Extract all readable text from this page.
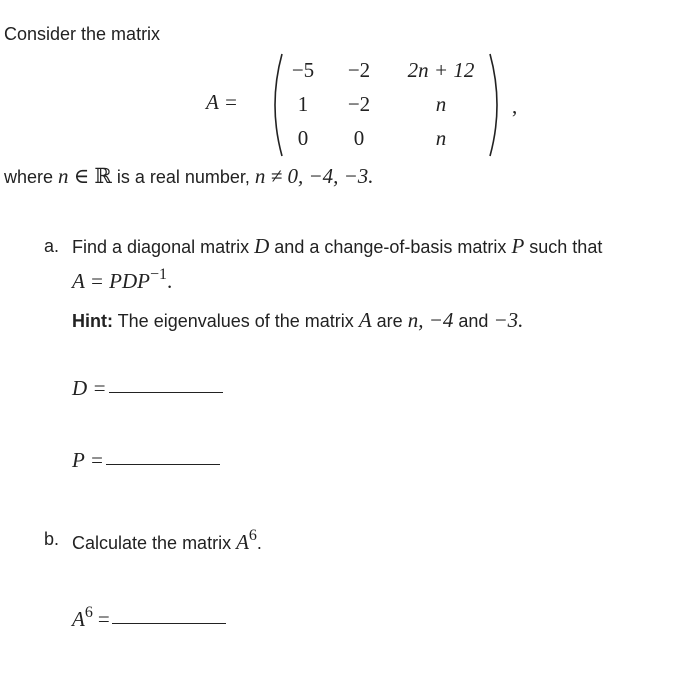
Consider the matrix
A =
−5	−2	2n + 12
1	−2	n
0	0	n
,
where n ∈ ℝ is a real number, n ≠ 0, −4, −3.
a. Find a diagonal matrix D and a change-of-basis matrix P such that
$A = PDP^{-1}$.
Hint: The eigenvalues of the matrix A are n, −4 and −3.
D =
P =
b. Calculate the matrix A6.
A6 =
